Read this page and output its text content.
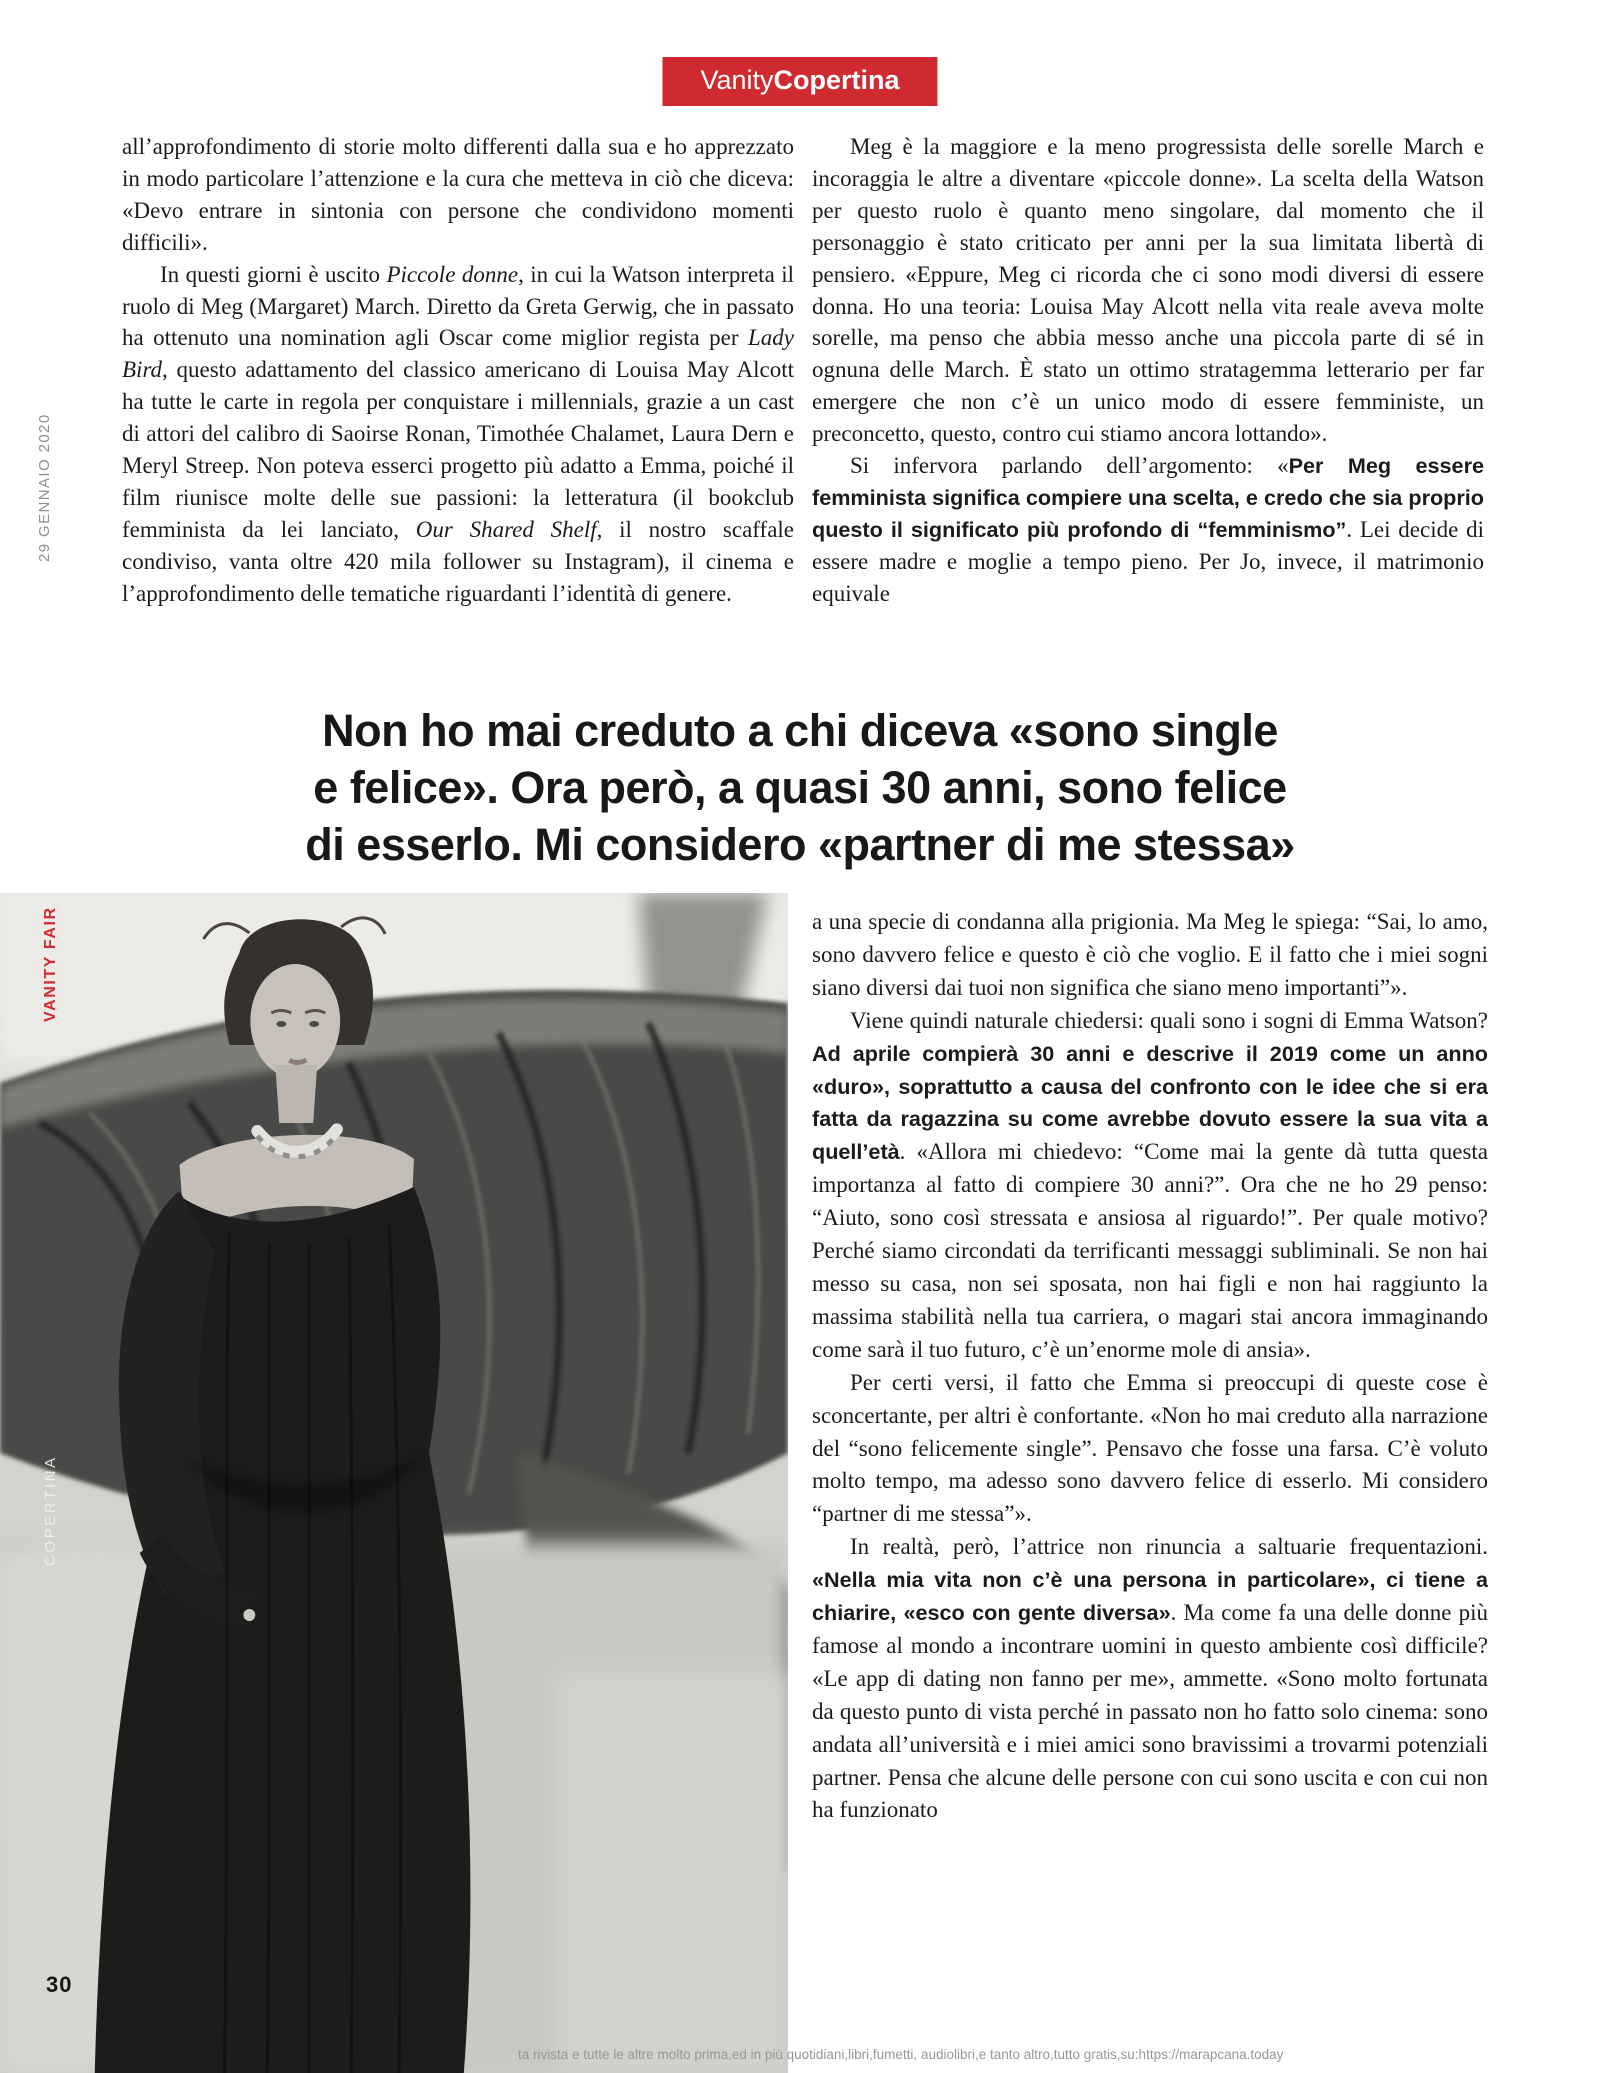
VanityCopertina
29 GENNAIO 2020
VANITY FAIR
COPERTINA

all’approfondimento di storie molto differenti dalla sua e ho apprezzato in modo particolare l’attenzione e la cura che metteva in ciò che diceva: «Devo entrare in sintonia con persone che condividono momenti difficili».

In questi giorni è uscito Piccole donne, in cui la Watson interpreta il ruolo di Meg (Margaret) March. Diretto da Greta Gerwig, che in passato ha ottenuto una nomination agli Oscar come miglior regista per Lady Bird, questo adattamento del classico americano di Louisa May Alcott ha tutte le carte in regola per conquistare i millennials, grazie a un cast di attori del calibro di Saoirse Ronan, Timothée Chalamet, Laura Dern e Meryl Streep. Non poteva esserci progetto più adatto a Emma, poiché il film riunisce molte delle sue passioni: la letteratura (il bookclub femminista da lei lanciato, Our Shared Shelf, il nostro scaffale condiviso, vanta oltre 420 mila follower su Instagram), il cinema e l’approfondimento delle tematiche riguardanti l’identità di genere.

Meg è la maggiore e la meno progressista delle sorelle March e incoraggia le altre a diventare «piccole donne». La scelta della Watson per questo ruolo è quanto meno singolare, dal momento che il personaggio è stato criticato per anni per la sua limitata libertà di pensiero. «Eppure, Meg ci ricorda che ci sono modi diversi di essere donna. Ho una teoria: Louisa May Alcott nella vita reale aveva molte sorelle, ma penso che abbia messo anche una piccola parte di sé in ognuna delle March. È stato un ottimo stratagemma letterario per far emergere che non c’è un unico modo di essere femministe, un preconcetto, questo, contro cui stiamo ancora lottando».

Si infervora parlando dell’argomento: «Per Meg essere femminista significa compiere una scelta, e credo che sia proprio questo il significato più profondo di “femminismo”. Lei decide di essere madre e moglie a tempo pieno. Per Jo, invece, il matrimonio equivale

Non ho mai creduto a chi diceva «sono single
e felice». Ora però, a quasi 30 anni, sono felice
di esserlo. Mi considero «partner di me stessa»

a una specie di condanna alla prigionia. Ma Meg le spiega: “Sai, lo amo, sono davvero felice e questo è ciò che voglio. E il fatto che i miei sogni siano diversi dai tuoi non significa che siano meno importanti”».

Viene quindi naturale chiedersi: quali sono i sogni di Emma Watson? Ad aprile compierà 30 anni e descrive il 2019 come un anno «duro», soprattutto a causa del confronto con le idee che si era fatta da ragazzina su come avrebbe dovuto essere la sua vita a quell’età. «Allora mi chiedevo: “Come mai la gente dà tutta questa importanza al fatto di compiere 30 anni?”. Ora che ne ho 29 penso: “Aiuto, sono così stressata e ansiosa al riguardo!”. Per quale motivo? Perché siamo circondati da terrificanti messaggi subliminali. Se non hai messo su casa, non sei sposata, non hai figli e non hai raggiunto la massima stabilità nella tua carriera, o magari stai ancora immaginando come sarà il tuo futuro, c’è un’enorme mole di ansia».

Per certi versi, il fatto che Emma si preoccupi di queste cose è sconcertante, per altri è confortante. «Non ho mai creduto alla narrazione del “sono felicemente single”. Pensavo che fosse una farsa. C’è voluto molto tempo, ma adesso sono davvero felice di esserlo. Mi considero “partner di me stessa”».

In realtà, però, l’attrice non rinuncia a saltuarie frequentazioni. «Nella mia vita non c’è una persona in particolare», ci tiene a chiarire, «esco con gente diversa». Ma come fa una delle donne più famose al mondo a incontrare uomini in questo ambiente così difficile? «Le app di dating non fanno per me», ammette. «Sono molto fortunata da questo punto di vista perché in passato non ho fatto solo cinema: sono andata all’università e i miei amici sono bravissimi a trovarmi potenziali partner. Pensa che alcune delle persone con cui sono uscita e con cui non ha funzionato

30
ta rivista e tutte le altre molto prima,ed in più quotidiani,libri,fumetti, audiolibri,e tanto altro,tutto gratis,su:https://marapcana.today
